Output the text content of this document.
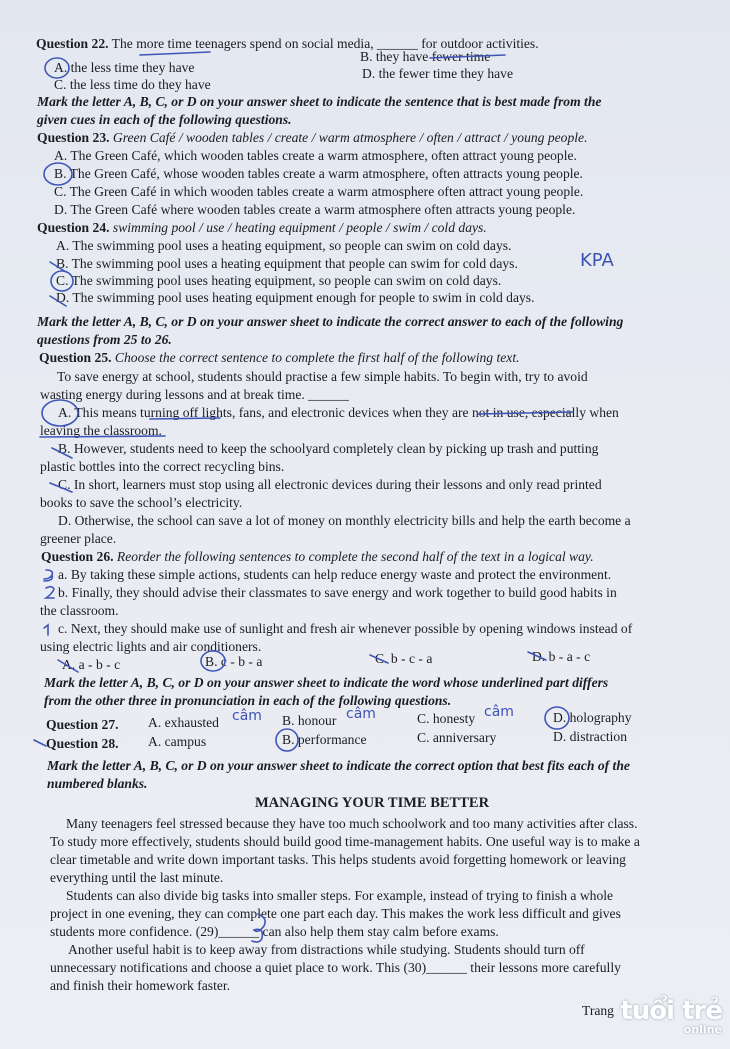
Question 22. The more time teenagers spend on social media, ______ for outdoor activities.
A. the less time they have
B. they have fewer time
C. the less time do they have
D. the fewer time they have
Mark the letter A, B, C, or D on your answer sheet to indicate the sentence that is best made from the
given cues in each of the following questions.
Question 23. Green Café / wooden tables / create / warm atmosphere / often / attract / young people.
A. The Green Café, which wooden tables create a warm atmosphere, often attract young people.
B. The Green Café, whose wooden tables create a warm atmosphere, often attracts young people.
C. The Green Café in which wooden tables create a warm atmosphere often attract young people.
D. The Green Café where wooden tables create a warm atmosphere often attracts young people.
Question 24. swimming pool / use / heating equipment / people / swim / cold days.
A. The swimming pool uses a heating equipment, so people can swim on cold days.
B. The swimming pool uses a heating equipment that people can swim for cold days.
C. The swimming pool uses heating equipment, so people can swim on cold days.
D. The swimming pool uses heating equipment enough for people to swim in cold days.
KPA
Mark the letter A, B, C, or D on your answer sheet to indicate the correct answer to each of the following
questions from 25 to 26.
Question 25. Choose the correct sentence to complete the first half of the following text.
To save energy at school, students should practise a few simple habits. To begin with, try to avoid
wasting energy during lessons and at break time. ______
A. This means turning off lights, fans, and electronic devices when they are not in use, especially when
leaving the classroom.
B. However, students need to keep the schoolyard completely clean by picking up trash and putting
plastic bottles into the correct recycling bins.
C. In short, learners must stop using all electronic devices during their lessons and only read printed
books to save the school’s electricity.
D. Otherwise, the school can save a lot of money on monthly electricity bills and help the earth become a
greener place.
Question 26. Reorder the following sentences to complete the second half of the text in a logical way.
a. By taking these simple actions, students can help reduce energy waste and protect the environment.
b. Finally, they should advise their classmates to save energy and work together to build good habits in
the classroom.
c. Next, they should make use of sunlight and fresh air whenever possible by opening windows instead of
using electric lights and air conditioners.
A. a - b - c	B. c - b - a	C. b - c - a	D. b - a - c
Mark the letter A, B, C, or D on your answer sheet to indicate the word whose underlined part differs
from the other three in pronunciation in each of the following questions.
Question 27. A. exhausted	B. honour	C. honesty	D. holography
câm	câm	câm
Question 28. A. campus	B. performance	C. anniversary	D. distraction
Mark the letter A, B, C, or D on your answer sheet to indicate the correct option that best fits each of the
numbered blanks.
MANAGING YOUR TIME BETTER
Many teenagers feel stressed because they have too much schoolwork and too many activities after class.
To study more effectively, students should build good time-management habits. One useful way is to make a
clear timetable and write down important tasks. This helps students avoid forgetting homework or leaving
everything until the last minute.
Students can also divide big tasks into smaller steps. For example, instead of trying to finish a whole
project in one evening, they can complete one part each day. This makes the work less difficult and gives
students more confidence. (29)______ can also help them stay calm before exams.
Another useful habit is to keep away from distractions while studying. Students should turn off
unnecessary notifications and choose a quiet place to work. This (30)______ their lessons more carefully
and finish their homework faster.
Trang tuổi trẻ
online
